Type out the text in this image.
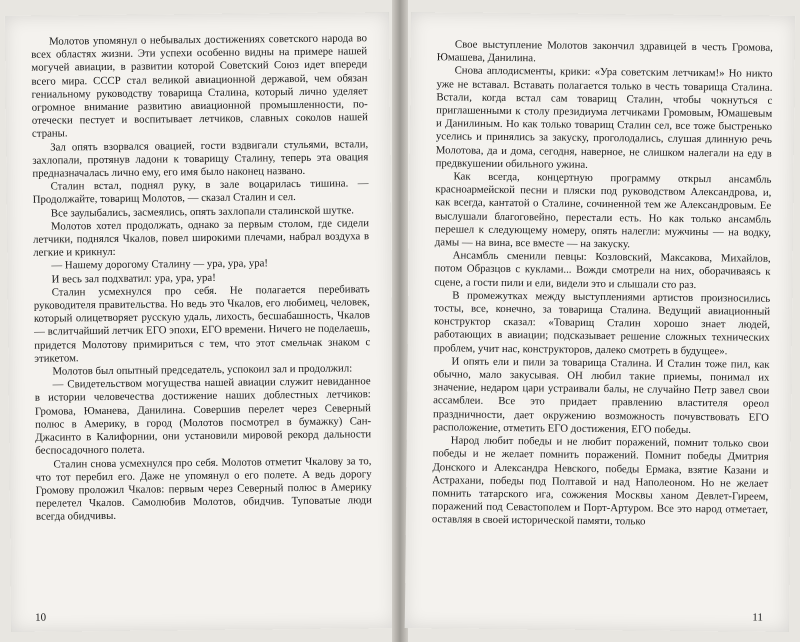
Молотов упомянул о небывалых достижениях советского народа во всех областях жизни. Эти успехи особенно видны на примере нашей могучей авиации, в развитии которой Советский Союз идет впереди всего мира. СССР стал великой авиационной державой, чем обязан гениальному руководству товарища Сталина, который лично уделяет огромное внимание развитию авиационной промышленности, по-отечески пестует и воспитывает летчиков, славных соколов нашей страны.

Зал опять взорвался овацией, гости вздвигали стульями, встали, захлопали, протянув ладони к товарищу Сталину, теперь эта овация предназначалась лично ему, его имя было наконец названо.

Сталин встал, поднял руку, в зале воцарилась тишина. — Продолжайте, товарищ Молотов, — сказал Сталин и сел.

Все заулыбались, засмеялись, опять захлопали сталинской шутке.

Молотов хотел продолжать, однако за первым столом, где сидели летчики, поднялся Чкалов, повел широкими плечами, набрал воздуха в легкие и крикнул:

— Нашему дорогому Сталину — ура, ура, ура!

И весь зал подхватил: ура, ура, ура!

Сталин усмехнулся про себя. Не полагается перебивать руководителя правительства. Но ведь это Чкалов, его любимец, человек, который олицетворяет русскую удаль, лихость, бесшабашность, Чкалов — вслитчайший летчик ЕГО эпохи, ЕГО времени. Ничего не поделаешь, придется Молотову примириться с тем, что этот смельчак знаком с этикетом.

Молотов был опытный председатель, успокоил зал и продолжил:

— Свидетельством могущества нашей авиации служит невиданное в истории человечества достижение наших доблестных летчиков: Громова, Юманева, Данилина. Совершив перелет через Северный полюс в Америку, в город (Молотов посмотрел в бумажку) Сан-Джасинто в Калифорнии, они установили мировой рекорд дальности беспосадочного полета.

Сталин снова усмехнулся про себя. Молотов отметит Чкалову за то, что тот перебил его. Даже не упомянул о его полете. А ведь дорогу Громову проложил Чкалов: первым через Северный полюс в Америку перелетел Чкалов. Самолюбив Молотов, обидчив. Туповатые люди всегда обидчивы.

10

Свое выступление Молотов закончил здравицей в честь Громова, Юмашева, Данилина.

Снова аплодисменты, крики: «Ура советским летчикам!» Но никто уже не вставал. Вставать полагается только в честь товарища Сталина. Встали, когда встал сам товарищ Сталин, чтобы чокнуться с приглашенными к столу президиума летчиками Громовым, Юмашевым и Данилиным. Но как только товарищ Сталин сел, все тоже быстренько уселись и принялись за закуску, проголодались, слушая длинную речь Молотова, да и дома, сегодня, наверное, не слишком налегали на еду в предвкушении обильного ужина.

Как всегда, концертную программу открыл ансамбль красноармейской песни и пляски под руководством Александрова, и, как всегда, кантатой о Сталине, сочиненной тем же Александровым. Ее выслушали благоговейно, перестали есть. Но как только ансамбль перешел к следующему номеру, опять налегли: мужчины — на водку, дамы — на вина, все вместе — на закуску.

Ансамбль сменили певцы: Козловский, Максакова, Михайлов, потом Образцов с куклами... Вожди смотрели на них, оборачиваясь к сцене, а гости пили и ели, видели это и слышали сто раз.

В промежутках между выступлениями артистов произносились тосты, все, конечно, за товарища Сталина. Ведущий авиационный конструктор сказал: «Товарищ Сталин хорошо знает людей, работающих в авиации; подсказывает решение сложных технических проблем, учит нас, конструкторов, далеко смотреть в будущее».

И опять ели и пили за товарища Сталина. И Сталин тоже пил, как обычно, мало закусывая. ОН любил такие приемы, понимал их значение, недаром цари устраивали балы, не случайно Петр завел свои ассамблеи. Все это придает правлению властителя ореол праздничности, дает окружению возможность почувствовать ЕГО расположение, отметить ЕГО достижения, ЕГО победы.

Народ любит победы и не любит поражений, помнит только свои победы и не желает помнить поражений. Помнит победы Дмитрия Донского и Александра Невского, победы Ермака, взятие Казани и Астрахани, победы под Полтавой и над Наполеоном. Но не желает помнить татарского ига, сожжения Москвы ханом Девлет-Гиреем, поражений под Севастополем и Порт-Артуром. Все это народ отметает, оставляя в своей исторической памяти, только

11
